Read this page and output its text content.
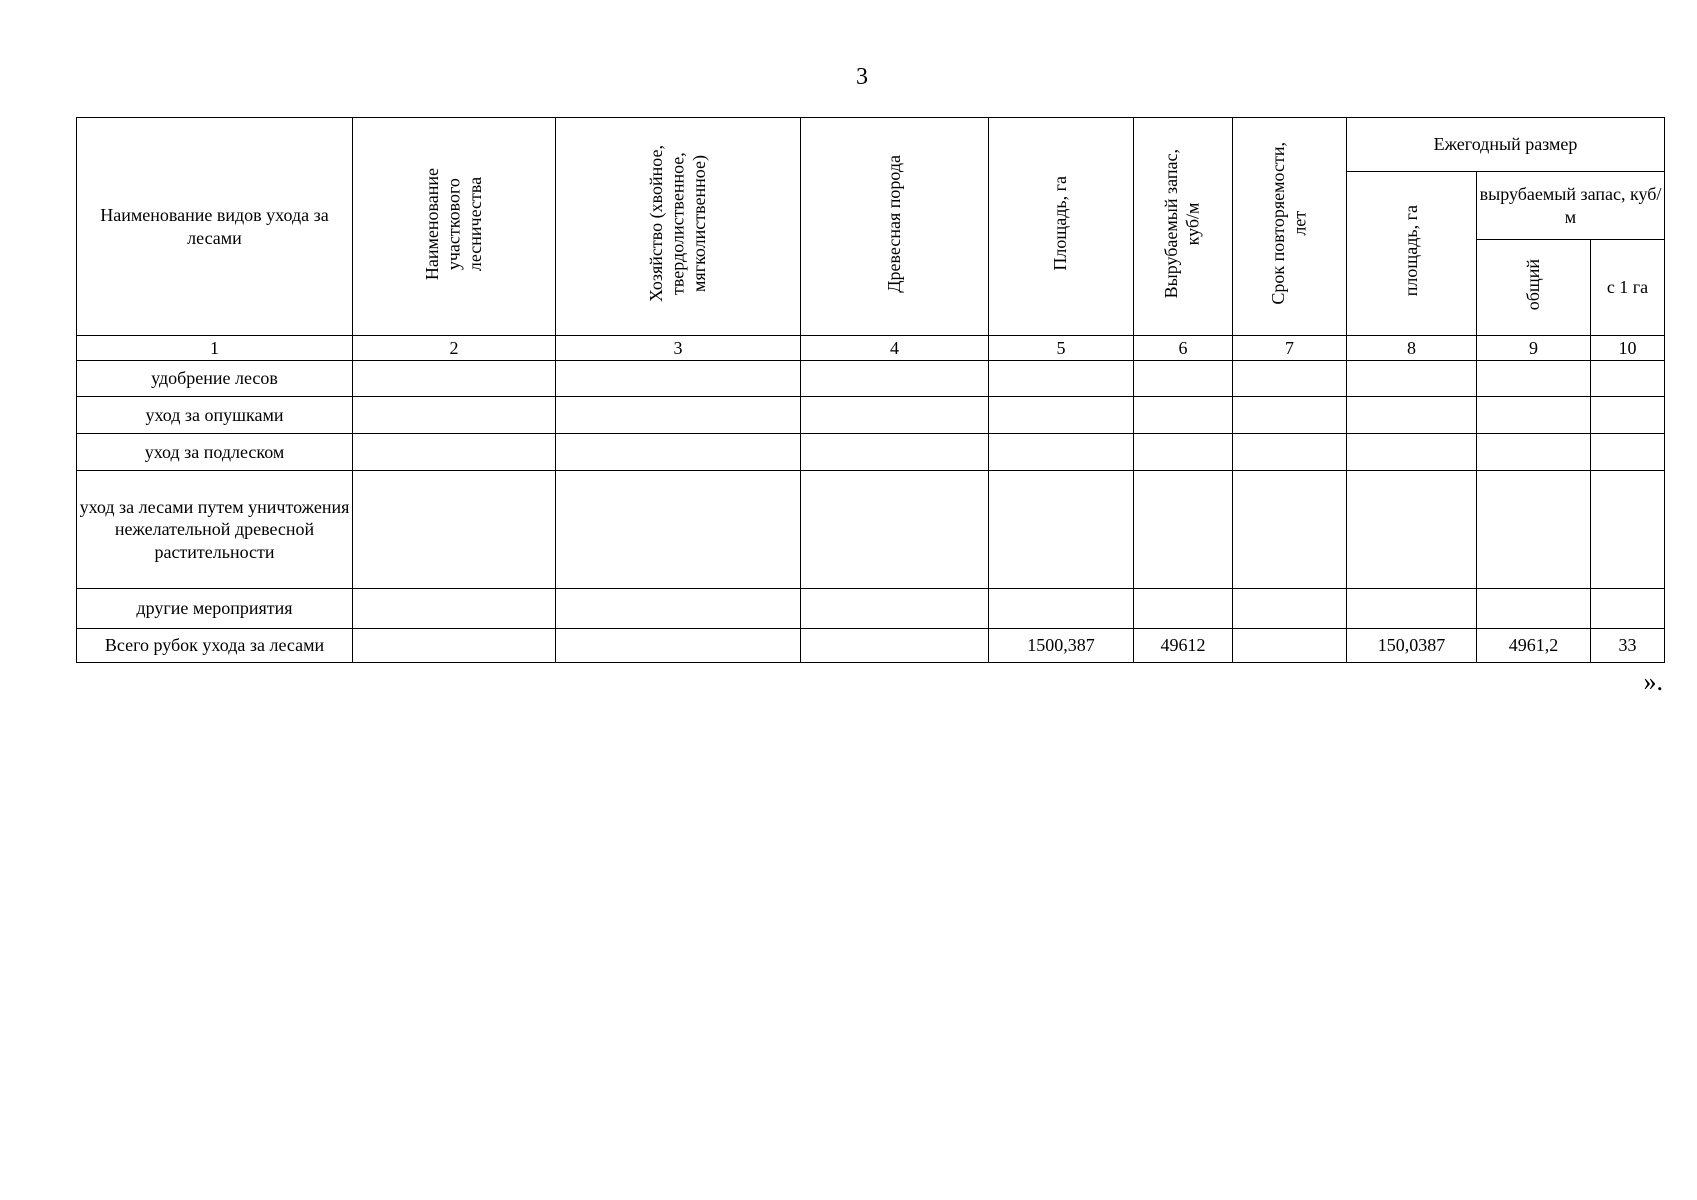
3
Наименование видов ухода за лесами	Наименование
участкового
лесничества	Хозяйство (хвойное,
твердолиственное,
мягколиственное)	Древесная порода	Площадь, га	Вырубаемый запас,
куб/м	Срок повторяемости,
лет	Ежегодный размер		
							площадь, га	вырубаемый запас, куб/м	
								общий	с 1 га
1	2	3	4	5	6	7	8	9	10
удобрение лесов									
уход за опушками									
уход за подлеском									
уход за лесами путем уничтожения нежелательной древесной растительности									
другие мероприятия									
Всего рубок ухода за лесами				1500,387	49612		150,0387	4961,2	33
».
